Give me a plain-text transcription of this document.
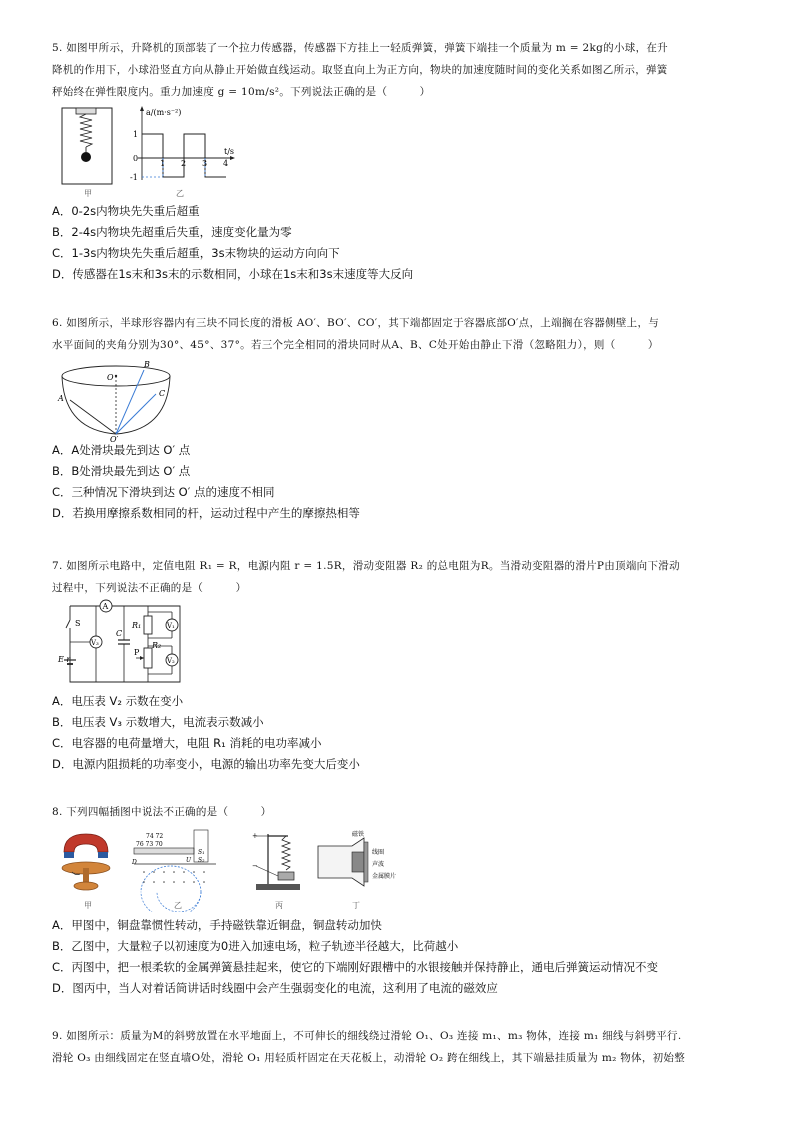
5. 如图甲所示，升降机的顶部装了一个拉力传感器，传感器下方挂上一轻质弹簧，弹簧下端挂一个质量为 m = 2kg的小球，在升

降机的作用下，小球沿竖直方向从静止开始做直线运动。取竖直向上为正方向，物块的加速度随时间的变化关系如图乙所示，弹簧

秤始终在弹性限度内。重力加速度 g = 10m/s²。下列说法正确的是（　　　）

甲
a/(m·s⁻²)
t/s
1
0
-1
1 2 3 4
乙

A．0-2s内物块先失重后超重

B．2-4s内物块先超重后失重，速度变化量为零

C．1-3s内物块先失重后超重，3s末物块的运动方向向下

D．传感器在1s末和3s末的示数相同，小球在1s末和3s末速度等大反向

6. 如图所示，半球形容器内有三块不同长度的滑板 AO′、BO′、CO′，其下端都固定于容器底部O′点，上端搁在容器侧壁上，与

水平面间的夹角分别为30°、45°、37°。若三个完全相同的滑块同时从A、B、C处开始由静止下滑（忽略阻力），则（　　　）

O
A
B
C
O′

A．A处滑块最先到达 O′ 点

B．B处滑块最先到达 O′ 点

C．三种情况下滑块到达 O′ 点的速度不相同

D．若换用摩擦系数相同的杆，运动过程中产生的摩擦热相等

7. 如图所示电路中，定值电阻 R₁ = R，电源内阻 r = 1.5R，滑动变阻器 R₂ 的总电阻为R。当滑动变阻器的滑片P由顶端向下滑动

过程中，下列说法不正确的是（　　　）

A
S
V₃
E r
C
R₁
R₂
P
V₁
V₂

A．电压表 V₂ 示数在变小

B．电压表 V₃ 示数增大，电流表示数减小

C．电容器的电荷量增大，电阻 R₁ 消耗的电功率减小

D．电源内阻损耗的功率变小，电源的输出功率先变大后变小

8. 下列四幅插图中说法不正确的是（　　　）

甲
74 72
76 73 70
U
S₁
S₂
D
乙
+
−
丙
磁铁
线圈
声波
金属膜片
丁

A．甲图中，铜盘靠惯性转动，手持磁铁靠近铜盘，铜盘转动加快

B．乙图中，大量粒子以初速度为0进入加速电场，粒子轨迹半径越大，比荷越小

C．丙图中，把一根柔软的金属弹簧悬挂起来，使它的下端刚好跟槽中的水银接触并保持静止，通电后弹簧运动情况不变

D．图丙中，当人对着话筒讲话时线圈中会产生强弱变化的电流，这利用了电流的磁效应

9. 如图所示：质量为M的斜劈放置在水平地面上，不可伸长的细线绕过滑轮 O₁、O₃ 连接 m₁、m₃ 物体，连接 m₁ 细线与斜劈平行.

滑轮 O₃ 由细线固定在竖直墙O处，滑轮 O₁ 用轻质杆固定在天花板上，动滑轮 O₂ 跨在细线上，其下端悬挂质量为 m₂ 物体，初始整
